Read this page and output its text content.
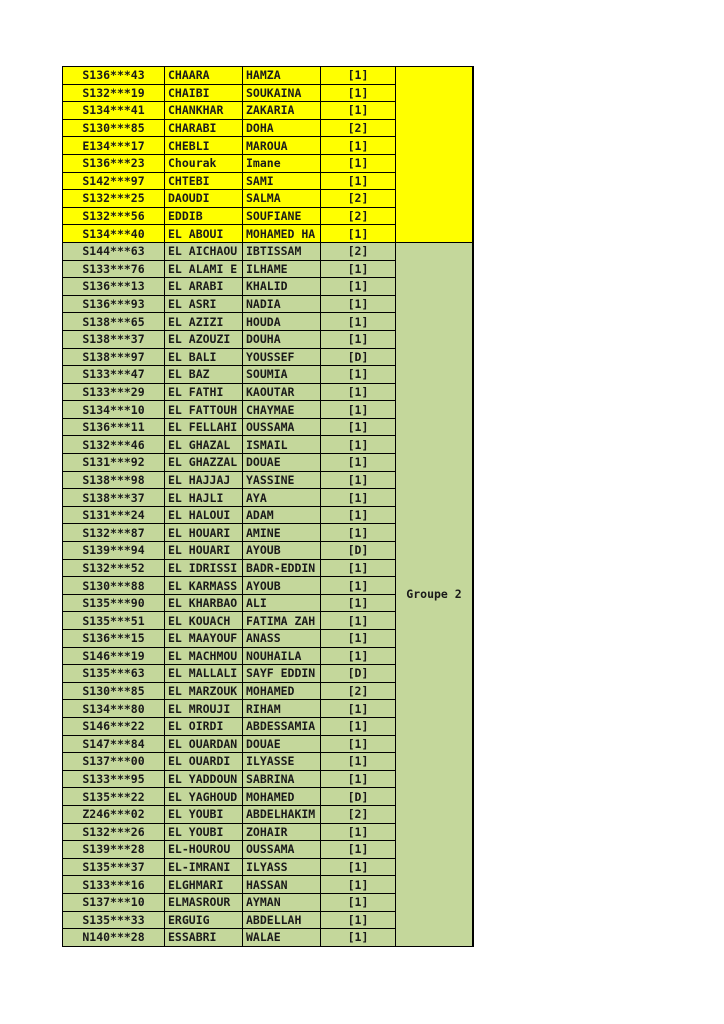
S136***43	CHAARA	HAMZA	[1]	
S132***19	CHAIBI	SOUKAINA	[1]	
S134***41	CHANKHAR	ZAKARIA	[1]	
S130***85	CHARABI	DOHA	[2]	
E134***17	CHEBLI	MAROUA	[1]	
S136***23	Chourak	Imane	[1]	
S142***97	CHTEBI	SAMI	[1]	
S132***25	DAOUDI	SALMA	[2]	
S132***56	EDDIB	SOUFIANE	[2]	
S134***40	EL ABOUI	MOHAMED HA	[1]	
S144***63	EL AICHAOU	IBTISSAM	[2]	Groupe 2
S133***76	EL ALAMI E	ILHAME	[1]	
S136***13	EL ARABI	KHALID	[1]	
S136***93	EL ASRI	NADIA	[1]	
S138***65	EL AZIZI	HOUDA	[1]	
S138***37	EL AZOUZI	DOUHA	[1]	
S138***97	EL BALI	YOUSSEF	[D]	
S133***47	EL BAZ	SOUMIA	[1]	
S133***29	EL FATHI	KAOUTAR	[1]	
S134***10	EL FATTOUH	CHAYMAE	[1]	
S136***11	EL FELLAHI	OUSSAMA	[1]	
S132***46	EL GHAZAL	ISMAIL	[1]	
S131***92	EL GHAZZAL	DOUAE	[1]	
S138***98	EL HAJJAJ	YASSINE	[1]	
S138***37	EL HAJLI	AYA	[1]	
S131***24	EL HALOUI	ADAM	[1]	
S132***87	EL HOUARI	AMINE	[1]	
S139***94	EL HOUARI	AYOUB	[D]	
S132***52	EL IDRISSI	BADR-EDDIN	[1]	
S130***88	EL KARMASS	AYOUB	[1]	
S135***90	EL KHARBAO	ALI	[1]	
S135***51	EL KOUACH	FATIMA ZAH	[1]	
S136***15	EL MAAYOUF	ANASS	[1]	
S146***19	EL MACHMOU	NOUHAILA	[1]	
S135***63	EL MALLALI	SAYF EDDIN	[D]	
S130***85	EL MARZOUK	MOHAMED	[2]	
S134***80	EL MROUJI	RIHAM	[1]	
S146***22	EL OIRDI	ABDESSAMIA	[1]	
S147***84	EL OUARDAN	DOUAE	[1]	
S137***00	EL OUARDI	ILYASSE	[1]	
S133***95	EL YADDOUN	SABRINA	[1]	
S135***22	EL YAGHOUD	MOHAMED	[D]	
Z246***02	EL YOUBI	ABDELHAKIM	[2]	
S132***26	EL YOUBI	ZOHAIR	[1]	
S139***28	EL-HOUROU	OUSSAMA	[1]	
S135***37	EL-IMRANI	ILYASS	[1]	
S133***16	ELGHMARI	HASSAN	[1]	
S137***10	ELMASROUR	AYMAN	[1]	
S135***33	ERGUIG	ABDELLAH	[1]	
N140***28	ESSABRI	WALAE	[1]	
